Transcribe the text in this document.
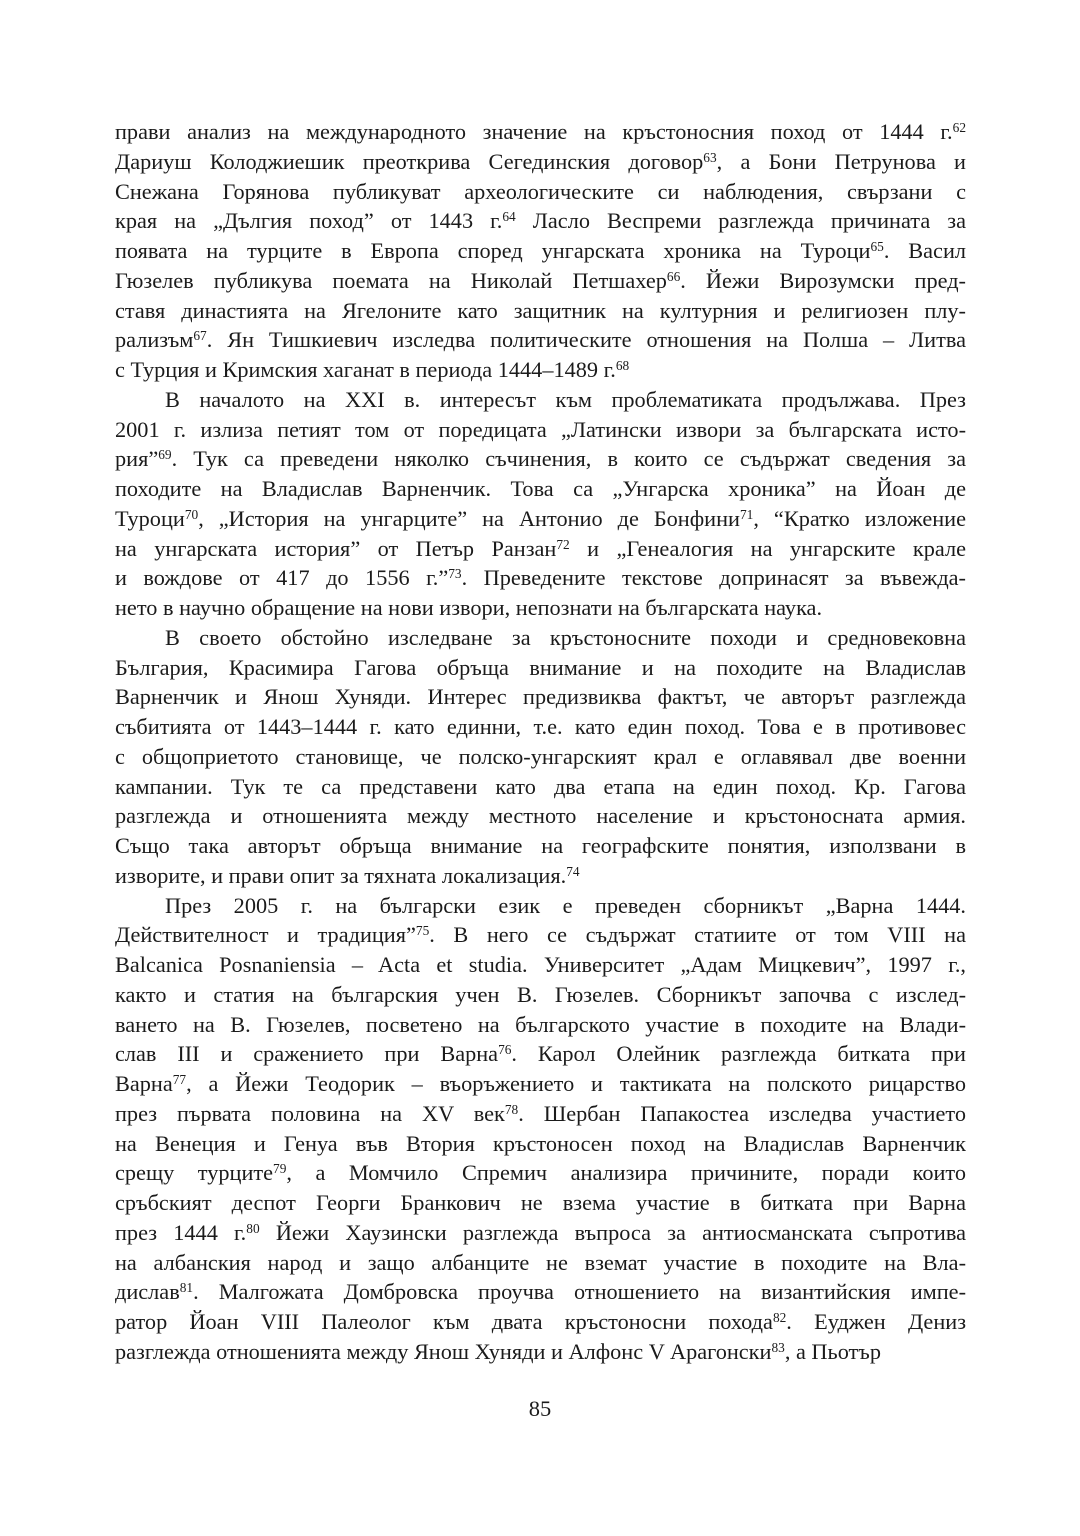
прави анализ на международното значение на кръстоносния поход от 1444 г.$^{62}$
Дариуш Колоджиешик преоткрива Сегединския договор$^{63}$, а Бони Петрунова и
Снежана Горянова публикуват археологическите си наблюдения, свързани с
края на „Дългия поход” от 1443 г.$^{64}$ Ласло Веспреми разглежда причината за
появата на турците в Европа според унгарската хроника на Туроци$^{65}$. Васил
Гюзелев публикува поемата на Николай Петшахер$^{66}$. Йежи Вирозумски пред-
ставя династията на Ягелоните като защитник на културния и религиозен плу-
рализъм$^{67}$. Ян Тишкиевич изследва политическите отношения на Полша – Литва
с Турция и Кримския хаганат в периода 1444–1489 г.$^{68}$
В началото на XXI в. интересът към проблематиката продължава. През
2001 г. излиза петият том от поредицата „Латински извори за българската исто-
рия”$^{69}$. Тук са преведени няколко съчинения, в които се съдържат сведения за
походите на Владислав Варненчик. Това са „Унгарска хроника” на Йоан де
Туроци$^{70}$, „История на унгарците” на Антонио де Бонфини$^{71}$, “Кратко изложение
на унгарската история” от Петър Ранзан$^{72}$ и „Генеалогия на унгарските крале
и вождове от 417 до 1556 г.”$^{73}$. Преведените текстове допринасят за въвежда-
нето в научно обращение на нови извори, непознати на българската наука.
В своето обстойно изследване за кръстоносните походи и средновековна
България, Красимира Гагова обръща внимание и на походите на Владислав
Варненчик и Янош Хуняди. Интерес предизвиква фактът, че авторът разглежда
събитията от 1443–1444 г. като единни, т.е. като един поход. Това е в противовес
с общоприетото становище, че полско-унгарският крал е оглавявал две военни
кампании. Тук те са представени като два етапа на един поход. Кр. Гагова
разглежда и отношенията между местното население и кръстоносната армия.
Също така авторът обръща внимание на географските понятия, използвани в
изворите, и прави опит за тяхната локализация.$^{74}$
През 2005 г. на български език е преведен сборникът „Варна 1444.
Действителност и традиция”$^{75}$. В него се съдържат статиите от том VIII на
Balcanica Posnaniensia – Acta et studia. Университет „Адам Мицкевич”, 1997 г.,
както и статия на българския учен В. Гюзелев. Сборникът започва с изслед-
ването на В. Гюзелев, посветено на българското участие в походите на Влади-
слав III и сражението при Варна$^{76}$. Карол Олейник разглежда битката при
Варна$^{77}$, а Йежи Теодорик – въоръжението и тактиката на полското рицарство
през първата половина на XV век$^{78}$. Шербан Папакостеа изследва участието
на Венеция и Генуа във Втория кръстоносен поход на Владислав Варненчик
срещу турците$^{79}$, а Момчило Спремич анализира причините, поради които
сръбският деспот Георги Бранкович не взема участие в битката при Варна
през 1444 г.$^{80}$ Йежи Хаузински разглежда въпроса за антиосманската съпротива
на албанския народ и защо албанците не вземат участие в походите на Вла-
дислав$^{81}$. Малгожата Домбровска проучва отношението на византийския импе-
ратор Йоан VIII Палеолог към двата кръстоносни похода$^{82}$. Еуджен Дениз
разглежда отношенията между Янош Хуняди и Алфонс V Арагонски$^{83}$, а Пьотър
85
